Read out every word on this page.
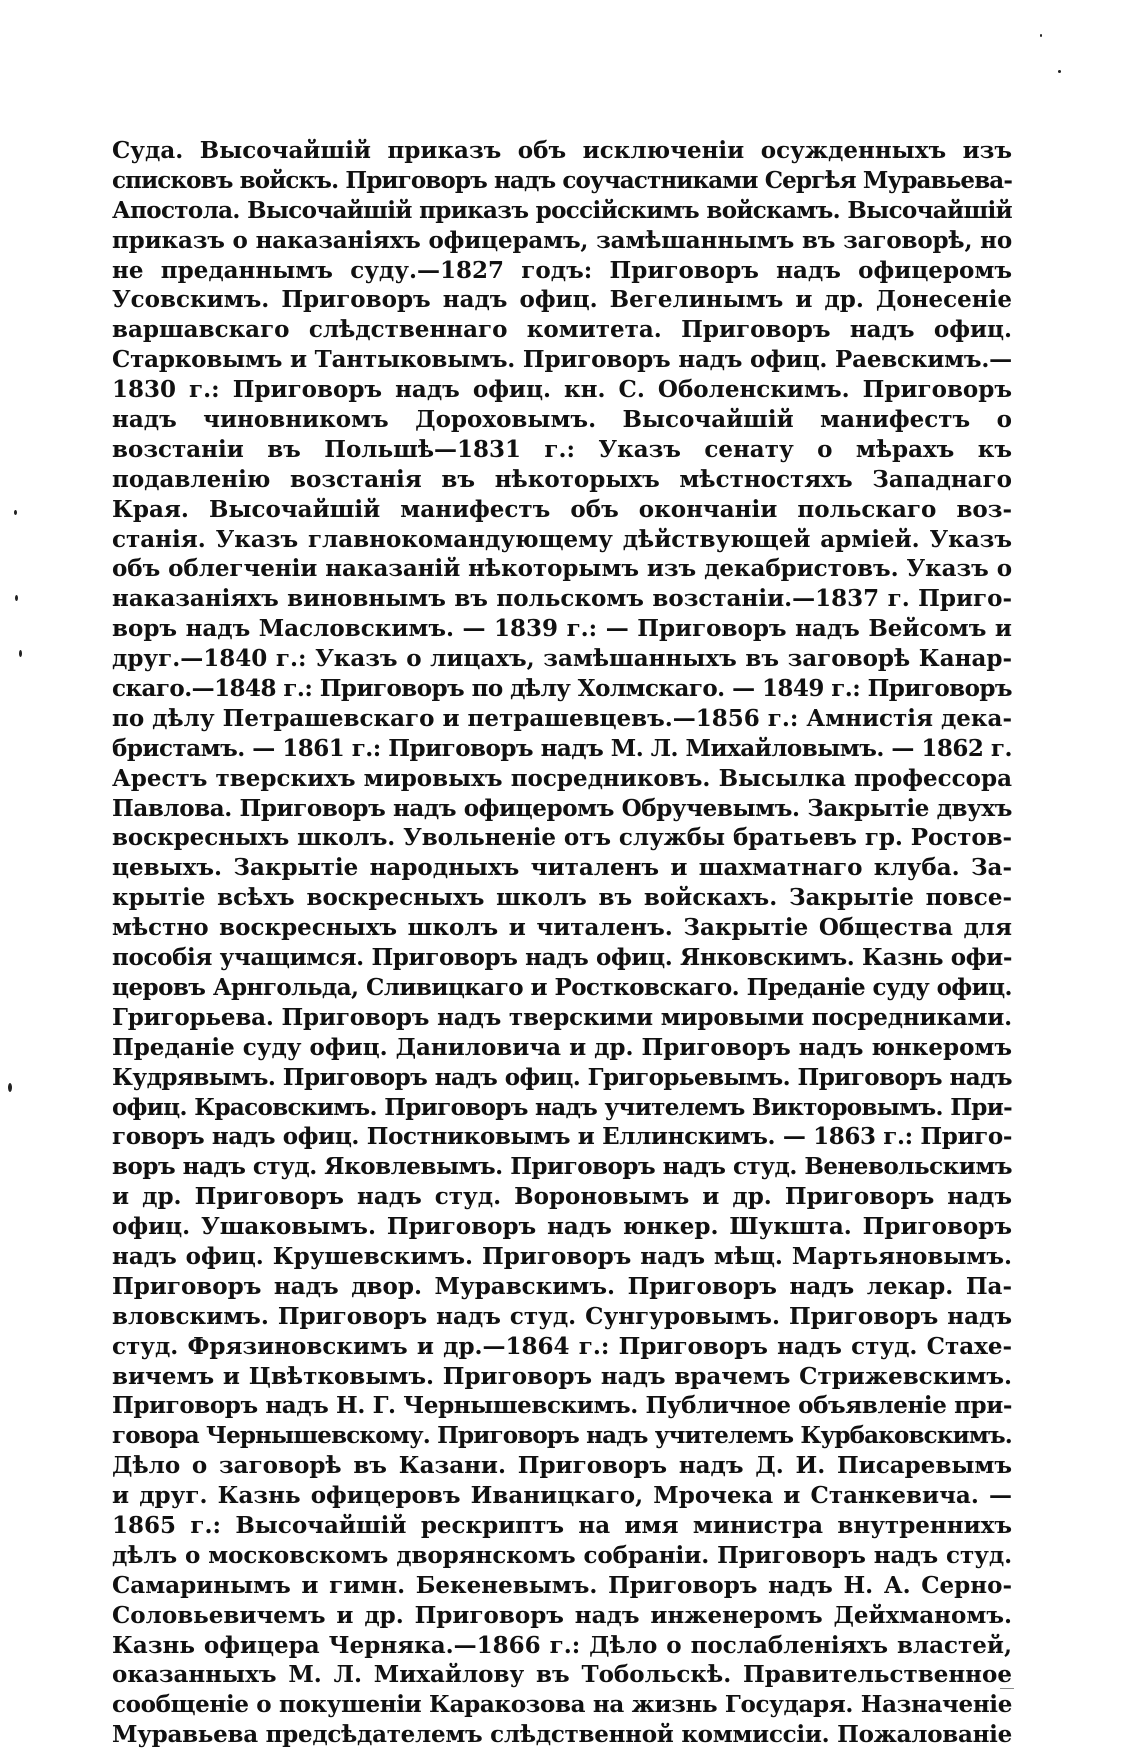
Суда. Высочайшій приказъ объ исключеніи осужденныхъ изъ
списковъ войскъ. Приговоръ надъ соучастниками Сергѣя Муравьева-
Апостола. Высочайшій приказъ россійскимъ войскамъ. Высочайшій
приказъ о наказаніяхъ офицерамъ, замѣшаннымъ въ заговорѣ, но
не преданнымъ суду.—1827 годъ: Приговоръ надъ офицеромъ
Усовскимъ. Приговоръ надъ офиц. Вегелинымъ и др. Донесеніе
варшавскаго слѣдственнаго комитета. Приговоръ надъ офиц.
Старковымъ и Тантыковымъ. Приговоръ надъ офиц. Раевскимъ.—
1830 г.: Приговоръ надъ офиц. кн. С. Оболенскимъ. Приговоръ
надъ чиновникомъ Дороховымъ. Высочайшій манифестъ о
возстаніи въ Польшѣ—1831 г.: Указъ сенату о мѣрахъ къ
подавленію возстанія въ нѣкоторыхъ мѣстностяхъ Западнаго
Края. Высочайшій манифестъ объ окончаніи польскаго воз-
станія. Указъ главнокомандующему дѣйствующей арміей. Указъ
объ облегченіи наказаній нѣкоторымъ изъ декабристовъ. Указъ о
наказаніяхъ виновнымъ въ польскомъ возстаніи.—1837 г. Приго-
воръ надъ Масловскимъ. — 1839 г.: — Приговоръ надъ Вейсомъ и
друг.—1840 г.: Указъ о лицахъ, замѣшанныхъ въ заговорѣ Канар-
скаго.—1848 г.: Приговоръ по дѣлу Холмскаго. — 1849 г.: Приговоръ
по дѣлу Петрашевскаго и петрашевцевъ.—1856 г.: Амнистія дека-
бристамъ. — 1861 г.: Приговоръ надъ М. Л. Михайловымъ. — 1862 г.
Арестъ тверскихъ мировыхъ посредниковъ. Высылка профессора
Павлова. Приговоръ надъ офицеромъ Обручевымъ. Закрытіе двухъ
воскресныхъ школъ. Увольненіе отъ службы братьевъ гр. Ростов-
цевыхъ. Закрытіе народныхъ читаленъ и шахматнаго клуба. За-
крытіе всѣхъ воскресныхъ школъ въ войскахъ. Закрытіе повсе-
мѣстно воскресныхъ школъ и читаленъ. Закрытіе Общества для
пособія учащимся. Приговоръ надъ офиц. Янковскимъ. Казнь офи-
церовъ Арнгольда, Сливицкаго и Ростковскаго. Преданіе суду офиц.
Григорьева. Приговоръ надъ тверскими мировыми посредниками.
Преданіе суду офиц. Даниловича и др. Приговоръ надъ юнкеромъ
Кудрявымъ. Приговоръ надъ офиц. Григорьевымъ. Приговоръ надъ
офиц. Красовскимъ. Приговоръ надъ учителемъ Викторовымъ. При-
говоръ надъ офиц. Постниковымъ и Еллинскимъ. — 1863 г.: Приго-
воръ надъ студ. Яковлевымъ. Приговоръ надъ студ. Веневольскимъ
и др. Приговоръ надъ студ. Вороновымъ и др. Приговоръ надъ
офиц. Ушаковымъ. Приговоръ надъ юнкер. Шукшта. Приговоръ
надъ офиц. Крушевскимъ. Приговоръ надъ мѣщ. Мартьяновымъ.
Приговоръ надъ двор. Муравскимъ. Приговоръ надъ лекар. Па-
вловскимъ. Приговоръ надъ студ. Сунгуровымъ. Приговоръ надъ
студ. Фрязиновскимъ и др.—1864 г.: Приговоръ надъ студ. Стахе-
вичемъ и Цвѣтковымъ. Приговоръ надъ врачемъ Стрижевскимъ.
Приговоръ надъ Н. Г. Чернышевскимъ. Публичное объявленіе при-
говора Чернышевскому. Приговоръ надъ учителемъ Курбаковскимъ.
Дѣло о заговорѣ въ Казани. Приговоръ надъ Д. И. Писаревымъ
и друг. Казнь офицеровъ Иваницкаго, Мрочека и Станкевича. —
1865 г.: Высочайшій рескриптъ на имя министра внутреннихъ
дѣлъ о московскомъ дворянскомъ собраніи. Приговоръ надъ студ.
Самаринымъ и гимн. Бекеневымъ. Приговоръ надъ Н. А. Серно-
Соловьевичемъ и др. Приговоръ надъ инженеромъ Дейхманомъ.
Казнь офицера Черняка.—1866 г.: Дѣло о послабленіяхъ властей,
оказанныхъ М. Л. Михайлову въ Тобольскѣ. Правительственное
сообщеніе о покушеніи Каракозова на жизнь Государя. Назначеніе
Муравьева предсѣдателемъ слѣдственной коммиссіи. Пожалованіе
